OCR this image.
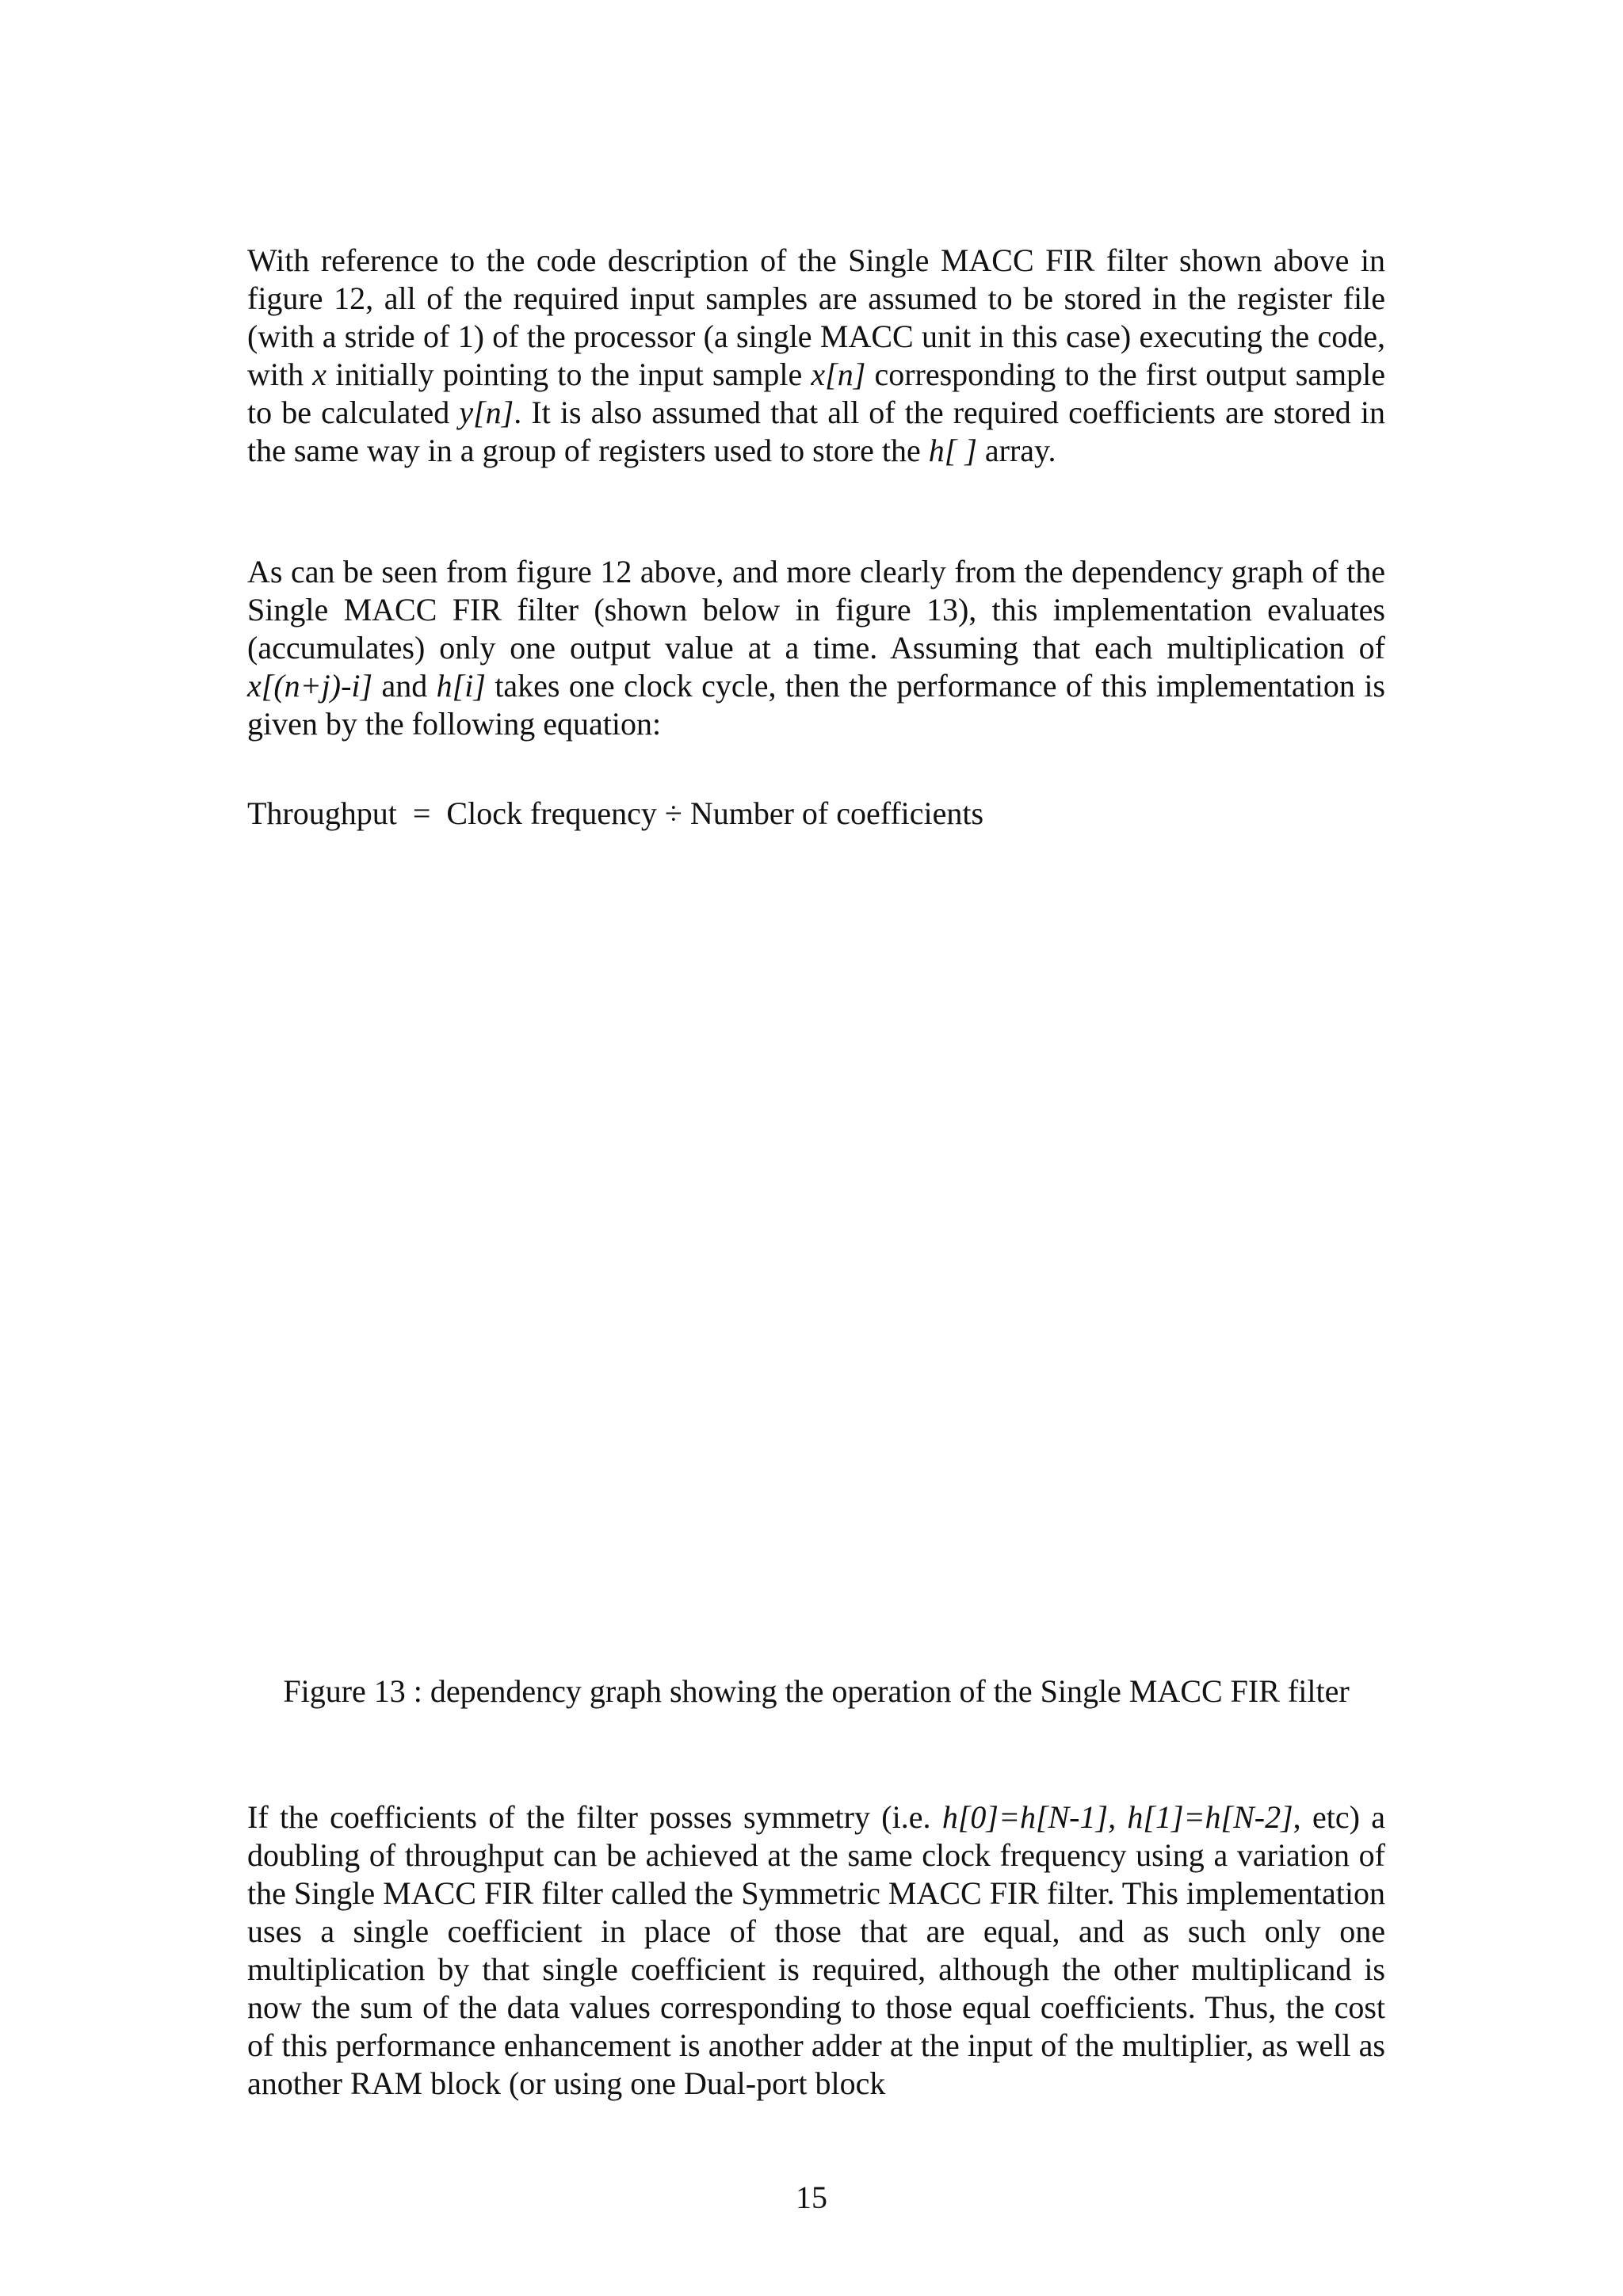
With reference to the code description of the Single MACC FIR filter shown above in figure 12, all of the required input samples are assumed to be stored in the register file (with a stride of 1) of the processor (a single MACC unit in this case) executing the code, with x initially pointing to the input sample x[n] corresponding to the first output sample to be calculated y[n]. It is also assumed that all of the required coefficients are stored in the same way in a group of registers used to store the h[ ] array.

As can be seen from figure 12 above, and more clearly from the dependency graph of the Single MACC FIR filter (shown below in figure 13), this implementation evaluates (accumulates) only one output value at a time. Assuming that each multiplication of x[(n+j)-i] and h[i] takes one clock cycle, then the performance of this implementation is given by the following equation:

Throughput  =  Clock frequency ÷ Number of coefficients

Figure 13 : dependency graph showing the operation of the Single MACC FIR filter

If the coefficients of the filter posses symmetry (i.e. h[0]=h[N-1], h[1]=h[N-2], etc) a doubling of throughput can be achieved at the same clock frequency using a variation of the Single MACC FIR filter called the Symmetric MACC FIR filter. This implementation uses a single coefficient in place of those that are equal, and as such only one multiplication by that single coefficient is required, although the other multiplicand is now the sum of the data values corresponding to those equal coefficients. Thus, the cost of this performance enhancement is another adder at the input of the multiplier, as well as another RAM block (or using one Dual-port block

15
